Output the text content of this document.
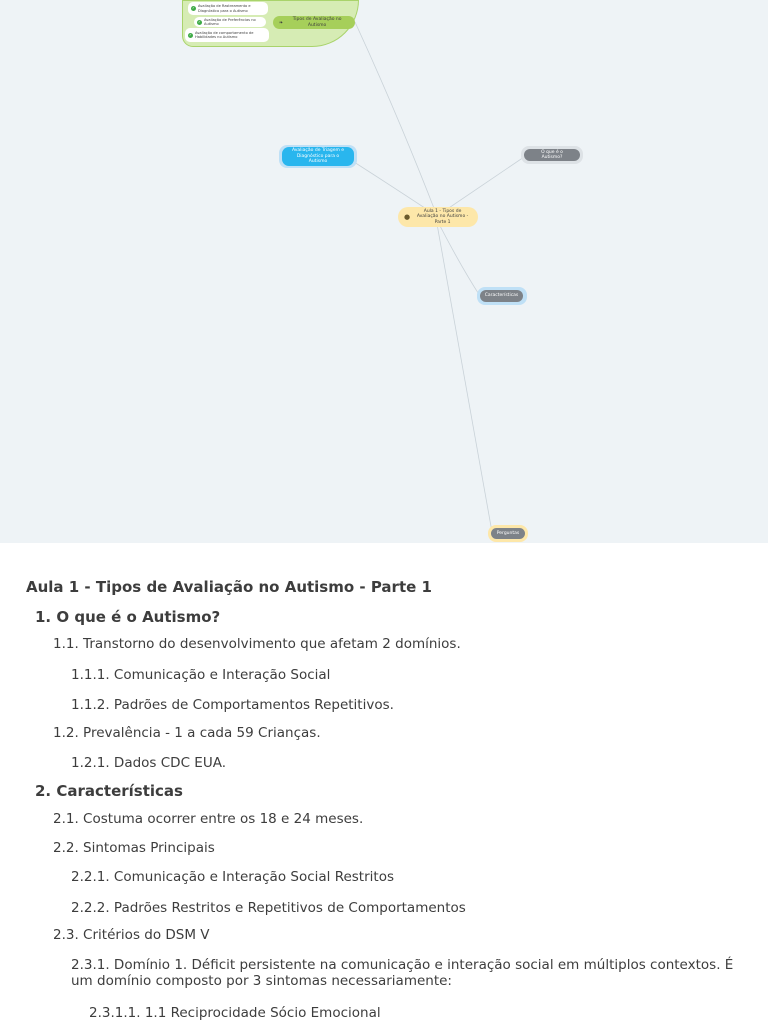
✓ Avaliação de Rastreamento e Diagnóstico para o Autismo
✓ Avaliação de Preferências no Autismo
✓ Avaliação de comportamento de Habilidades no Autismo
❧	Tipos de Avaliação no Autismo
Avaliação de Triagem e Diagnóstico para o Autismo
O que é o Autismo?
●
Aula 1 - Tipos de Avaliação no Autismo - Parte 1
Características
Perguntas
Aula 1 - Tipos de Avaliação no Autismo - Parte 1
1. O que é o Autismo?
1.1. Transtorno do desenvolvimento que afetam 2 domínios.
1.1.1. Comunicação e Interação Social
1.1.2. Padrões de Comportamentos Repetitivos.
1.2. Prevalência - 1 a cada 59 Crianças.
1.2.1. Dados CDC EUA.
2. Características
2.1. Costuma ocorrer entre os 18 e 24 meses.
2.2. Sintomas Principais
2.2.1. Comunicação e Interação Social Restritos
2.2.2. Padrões Restritos e Repetitivos de Comportamentos
2.3. Critérios do DSM V
2.3.1. Domínio 1. Déficit persistente na comunicação e interação social em múltiplos contextos. É um domínio composto por 3 sintomas necessariamente:
2.3.1.1. 1.1 Reciprocidade Sócio Emocional
